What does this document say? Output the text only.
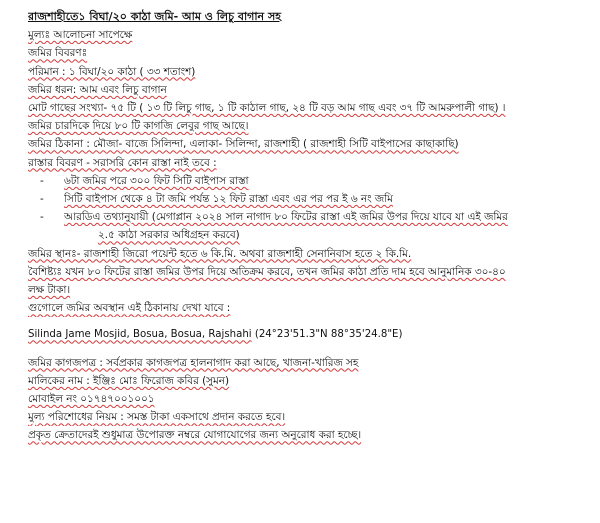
রাজশাহীতে১ বিঘা/২০ কাঠা জমি- আম ও লিচু বাগান সহ
মুল্যঃ আলোচনা সাপেক্ষে
জমির বিবরণঃ
পরিমান : ১ বিঘা/২০ কাঠা ( ৩৩ শতাংশ)
জমির ধরন: আম এবং লিচু বাগান
মোট গাছের সংখ্যা- ৭৫ টি ( ১৩ টি লিচু গাছ, ১ টি কাঠাল গাছ, ২৪ টি বড় আম গাছ এবং ৩৭ টি আমরুপালী গাছ) ।
জমির চারদিকে দিয়ে ৮০ টি কাগজি লেবুর গাছ আছে।
জমির ঠিকানা : মৌজা- বাজে সিলিন্দা, এলাকা- সিলিন্দা, রাজশাহী ( রাজশাহী সিটি বাইপাসের কাছাকাছি)
রাস্তার বিবরণ - সরাসরি কোন রাস্তা নাই তবে :
-	৬টা জমির পরে ৩০০ ফিট সিটি বাইপাস রাস্তা
-	সিটি বাইপাস থেকে ৪ টা জমি পর্যন্ত ১২ ফিট রাস্তা এবং এর পর পর ই ৬ নং জমি
-	আরডিএ তথ্যানুযায়ী (মেগাপ্লান ২০২৪ সাল নাগাদ ৮০ ফিটের রাস্তা এই জমির উপর দিয়ে যাবে যা এই জমির
২.৫ কাঠা সরকার অধিগ্রহন করবে)
জমির স্থানঃ- রাজশাহী জিরো পয়েন্ট হতে ৬ কি.মি. অথবা রাজশাহী সেনানিবাস হতে ২ কি.মি.
বৈশিষ্ট্যঃ যখন ৮০ ফিটের রাস্তা জমির উপর দিয়ে অতিক্রম করবে, তখন জমির কাঠা প্রতি দাম হবে আনুমানিক ৩০-৪০
লক্ষ টাকা।
গুগোলে জমির অবস্থান এই ঠিকানায় দেখা যাবে :
Silinda Jame Mosjid, Bosua, Bosua, Rajshahi (24°23'51.3"N 88°35'24.8"E)
জমির কাগজপত্র : সর্বপ্রকার কাগজপত্র হালনাগাদ করা আছে, খাজনা-খারিজ সহ
মালিকের নাম : ইঞ্জিঃ মোঃ ফিরোজ কবির (সুমন)
মোবাইল নং ০১৭৪৭০০১০০১
মুল্য পরিশোধের নিয়ম : সমস্ত টাকা একসাথে প্রদান করতে হবে।
প্রকৃত ক্রেতাদেরই শুধুমাত্র উপোরক্ত নম্বরে যোগাযোগের জন্য অনুরোধ করা হচ্ছে।
